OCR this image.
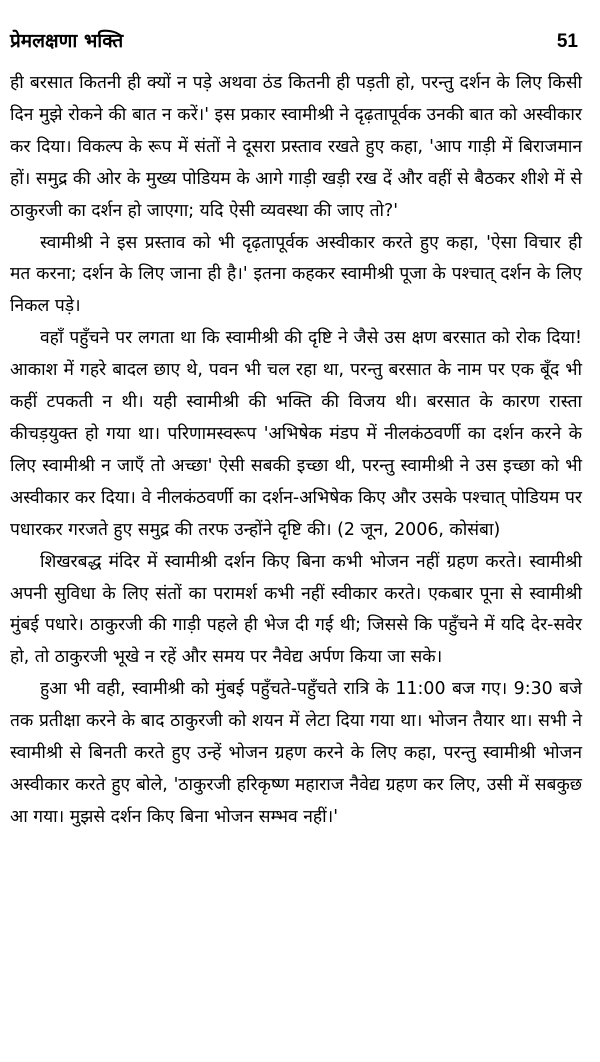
प्रेमलक्षणा भक्ति	51

ही बरसात कितनी ही क्यों न पड़े अथवा ठंड कितनी ही पड़ती हो, परन्तु दर्शन के लिए किसी दिन मुझे रोकने की बात न करें।' इस प्रकार स्वामीश्री ने दृढ़तापूर्वक उनकी बात को अस्वीकार कर दिया। विकल्प के रूप में संतों ने दूसरा प्रस्ताव रखते हुए कहा, 'आप गाड़ी में बिराजमान हों। समुद्र की ओर के मुख्य पोडियम के आगे गाड़ी खड़ी रख दें और वहीं से बैठकर शीशे में से ठाकुरजी का दर्शन हो जाएगा; यदि ऐसी व्यवस्था की जाए तो?'

स्वामीश्री ने इस प्रस्ताव को भी दृढ़तापूर्वक अस्वीकार करते हुए कहा, 'ऐसा विचार ही मत करना; दर्शन के लिए जाना ही है।' इतना कहकर स्वामीश्री पूजा के पश्चात् दर्शन के लिए निकल पड़े।

वहाँ पहुँचने पर लगता था कि स्वामीश्री की दृष्टि ने जैसे उस क्षण बरसात को रोक दिया! आकाश में गहरे बादल छाए थे, पवन भी चल रहा था, परन्तु बरसात के नाम पर एक बूँद भी कहीं टपकती न थी। यही स्वामीश्री की भक्ति की विजय थी। बरसात के कारण रास्ता कीचड़युक्त हो गया था। परिणामस्वरूप 'अभिषेक मंडप में नीलकंठवर्णी का दर्शन करने के लिए स्वामीश्री न जाएँ तो अच्छा' ऐसी सबकी इच्छा थी, परन्तु स्वामीश्री ने उस इच्छा को भी अस्वीकार कर दिया। वे नीलकंठवर्णी का दर्शन-अभिषेक किए और उसके पश्चात् पोडियम पर पधारकर गरजते हुए समुद्र की तरफ उन्होंने दृष्टि की। (2 जून, 2006, कोसंबा)

शिखरबद्ध मंदिर में स्वामीश्री दर्शन किए बिना कभी भोजन नहीं ग्रहण करते। स्वामीश्री अपनी सुविधा के लिए संतों का परामर्श कभी नहीं स्वीकार करते। एकबार पूना से स्वामीश्री मुंबई पधारे। ठाकुरजी की गाड़ी पहले ही भेज दी गई थी; जिससे कि पहुँचने में यदि देर-सवेर हो, तो ठाकुरजी भूखे न रहें और समय पर नैवेद्य अर्पण किया जा सके।

हुआ भी वही, स्वामीश्री को मुंबई पहुँचते-पहुँचते रात्रि के 11:00 बज गए। 9:30 बजे तक प्रतीक्षा करने के बाद ठाकुरजी को शयन में लेटा दिया गया था। भोजन तैयार था। सभी ने स्वामीश्री से बिनती करते हुए उन्हें भोजन ग्रहण करने के लिए कहा, परन्तु स्वामीश्री भोजन अस्वीकार करते हुए बोले, 'ठाकुरजी हरिकृष्ण महाराज नैवेद्य ग्रहण कर लिए, उसी में सबकुछ आ गया। मुझसे दर्शन किए बिना भोजन सम्भव नहीं।'
